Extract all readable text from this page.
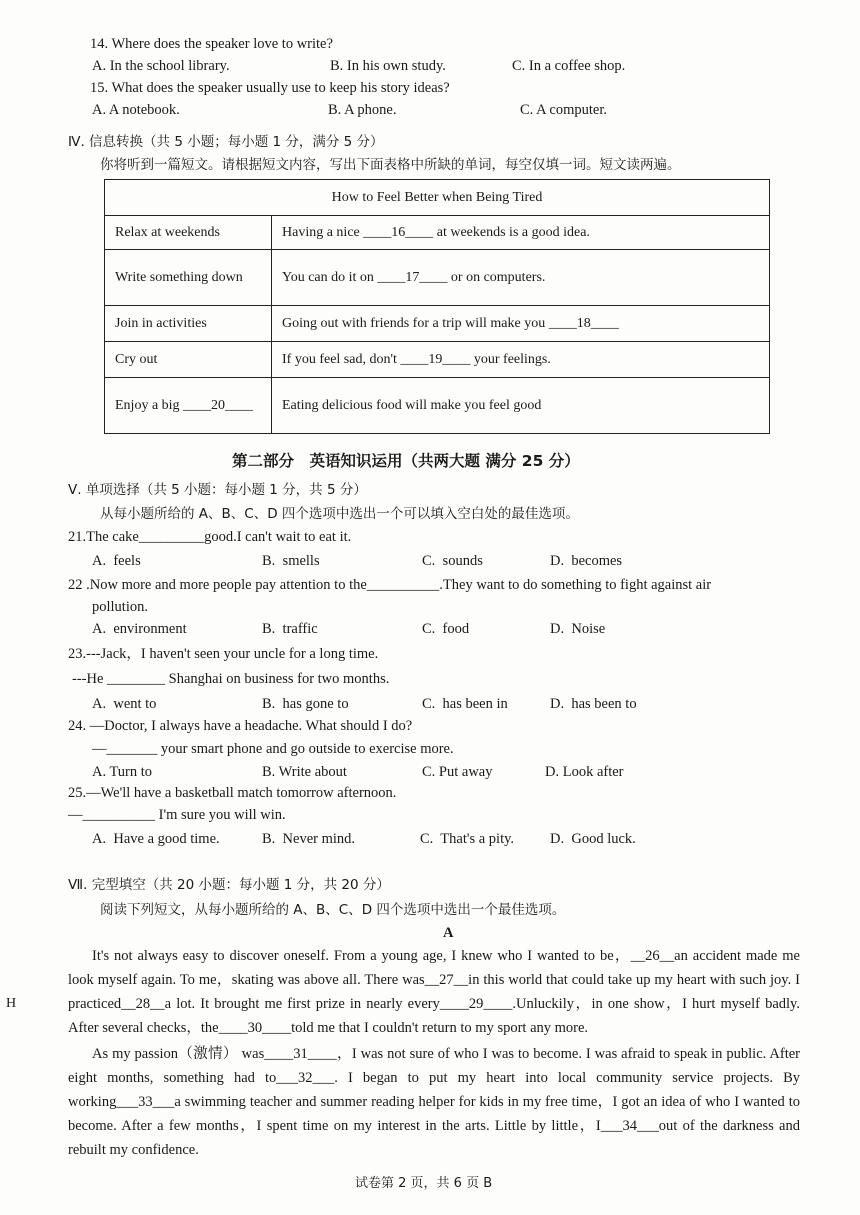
14. Where does the speaker love to write?
A. In the school library.	B. In his own study.	C. In a coffee shop.
15. What does the speaker usually use to keep his story ideas?
A. A notebook.	B. A phone.	C. A computer.
Ⅳ. 信息转换（共 5 小题；每小题 1 分，满分 5 分）
你将听到一篇短文。请根据短文内容，写出下面表格中所缺的单词，每空仅填一词。短文读两遍。
How to Feel Better when Being Tired	
Relax at weekends	Having a nice ____16____ at weekends is a good idea.
Write something down	You can do it on ____17____ or on computers.
Join in activities	Going out with friends for a trip will make you ____18____
Cry out	If you feel sad, don't ____19____ your feelings.
Enjoy a big ____20____	Eating delicious food will make you feel good
第二部分　英语知识运用（共两大题 满分 25 分）
Ⅴ. 单项选择（共 5 小题：每小题 1 分，共 5 分）
从每小题所给的 A、B、C、D 四个选项中选出一个可以填入空白处的最佳选项。
21.The cake_________good.I can't wait to eat it.
A.  feels	B.  smells	C.  sounds	D.  becomes
22 .Now more and more people pay attention to the__________.They want to do something to fight against air
pollution.
A.  environment	B.  traffic	C.  food	D.  Noise
23.---Jack，I haven't seen your uncle for a long time.
---He ________ Shanghai on business for two months.
A.  went to	B.  has gone to	C.  has been in	D.  has been to
24. —Doctor, I always have a headache. What should I do?
—_______ your smart phone and go outside to exercise more.
A. Turn to	B. Write about	C. Put away	D. Look after
25.—We'll have a basketball match tomorrow afternoon.
—__________ I'm sure you will win.
A.  Have a good time.	B.  Never mind.	C.  That's a pity. D.  Good luck.
Ⅶ. 完型填空（共 20 小题：每小题 1 分，共 20 分）
阅读下列短文，从每小题所给的 A、B、C、D 四个选项中选出一个最佳选项。
A
It's not always easy to discover oneself. From a young age, I knew who I wanted to be，__26__an accident made me look myself again. To me，skating was above all. There was__27__in this world that could take up my heart with such joy. I practiced__28__a lot. It brought me first prize in nearly every____29____.Unluckily，in one show，I hurt myself badly. After several checks，the____30____told me that I couldn't return to my sport any more.
As my passion（激情） was____31____，I was not sure of who I was to become. I was afraid to speak in public. After eight months, something had to___32___. I began to put my heart into local community service projects. By working___33___a swimming teacher and summer reading helper for kids in my free time，I got an idea of who I wanted to become. After a few months，I spent time on my interest in the arts. Little by little，I___34___out of the darkness and rebuilt my confidence.
H
试卷第 2 页，共 6 页 B
